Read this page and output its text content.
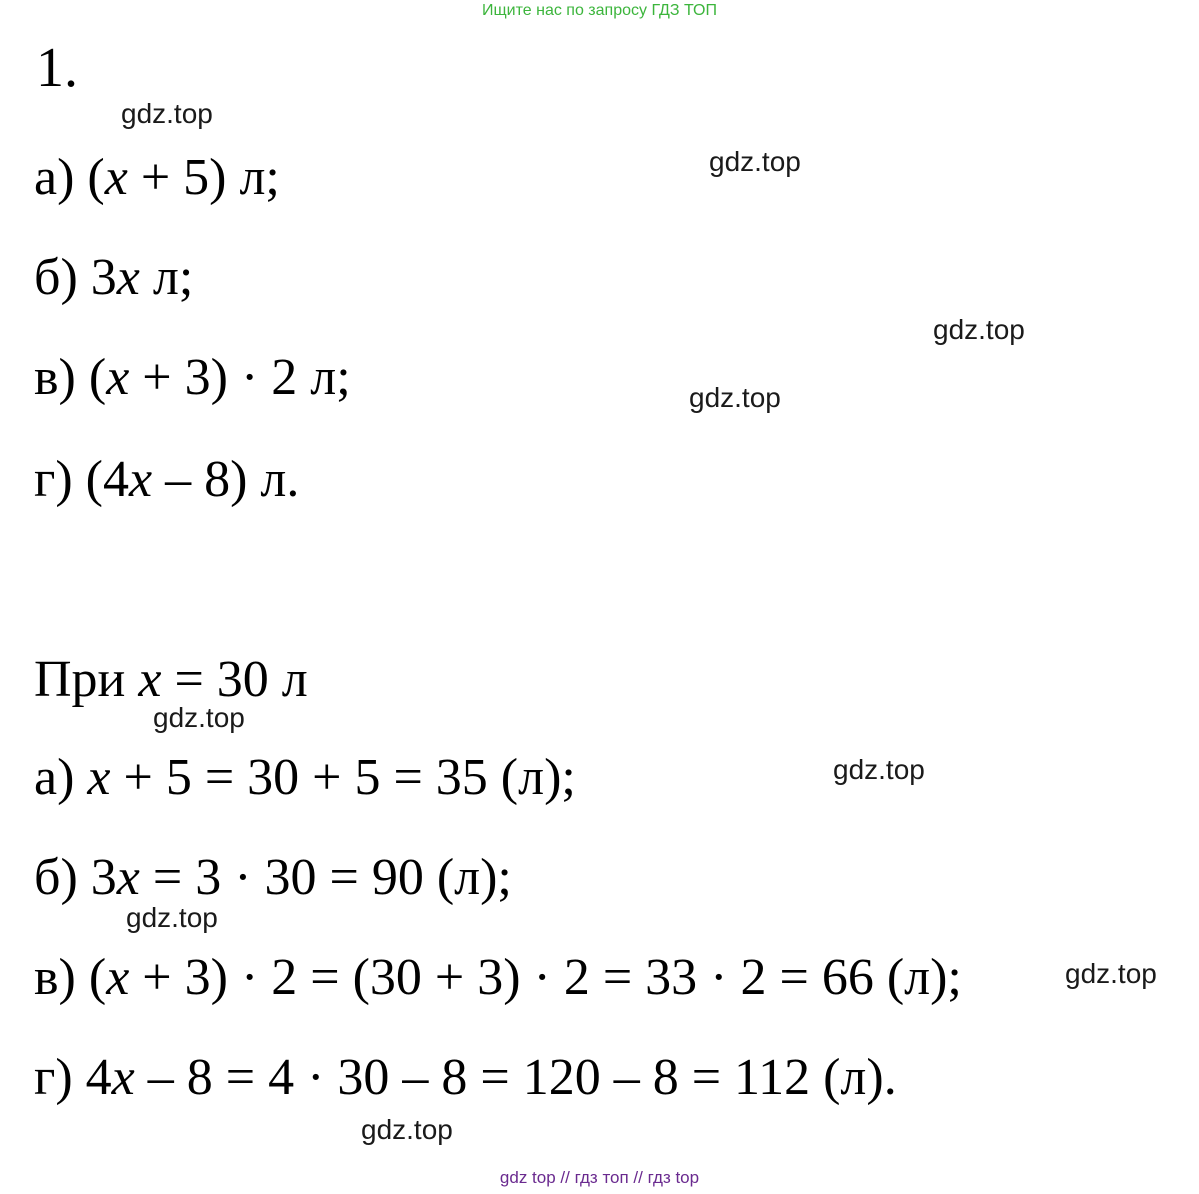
Ищите нас по запросу ГДЗ ТОП
1.
а) (x + 5) л;
б) 3x л;
в) (x + 3) · 2 л;
г) (4x – 8) л.
При x = 30 л
а) x + 5 = 30 + 5 = 35 (л);
б) 3x = 3 · 30 = 90 (л);
в) (x + 3) · 2 = (30 + 3) · 2 = 33 · 2 = 66 (л);
г) 4x – 8 = 4 · 30 – 8 = 120 – 8 = 112 (л).
gdz.top
gdz.top
gdz.top
gdz.top
gdz.top
gdz.top
gdz.top
gdz.top
gdz.top
gdz top // гдз топ // гдз top
